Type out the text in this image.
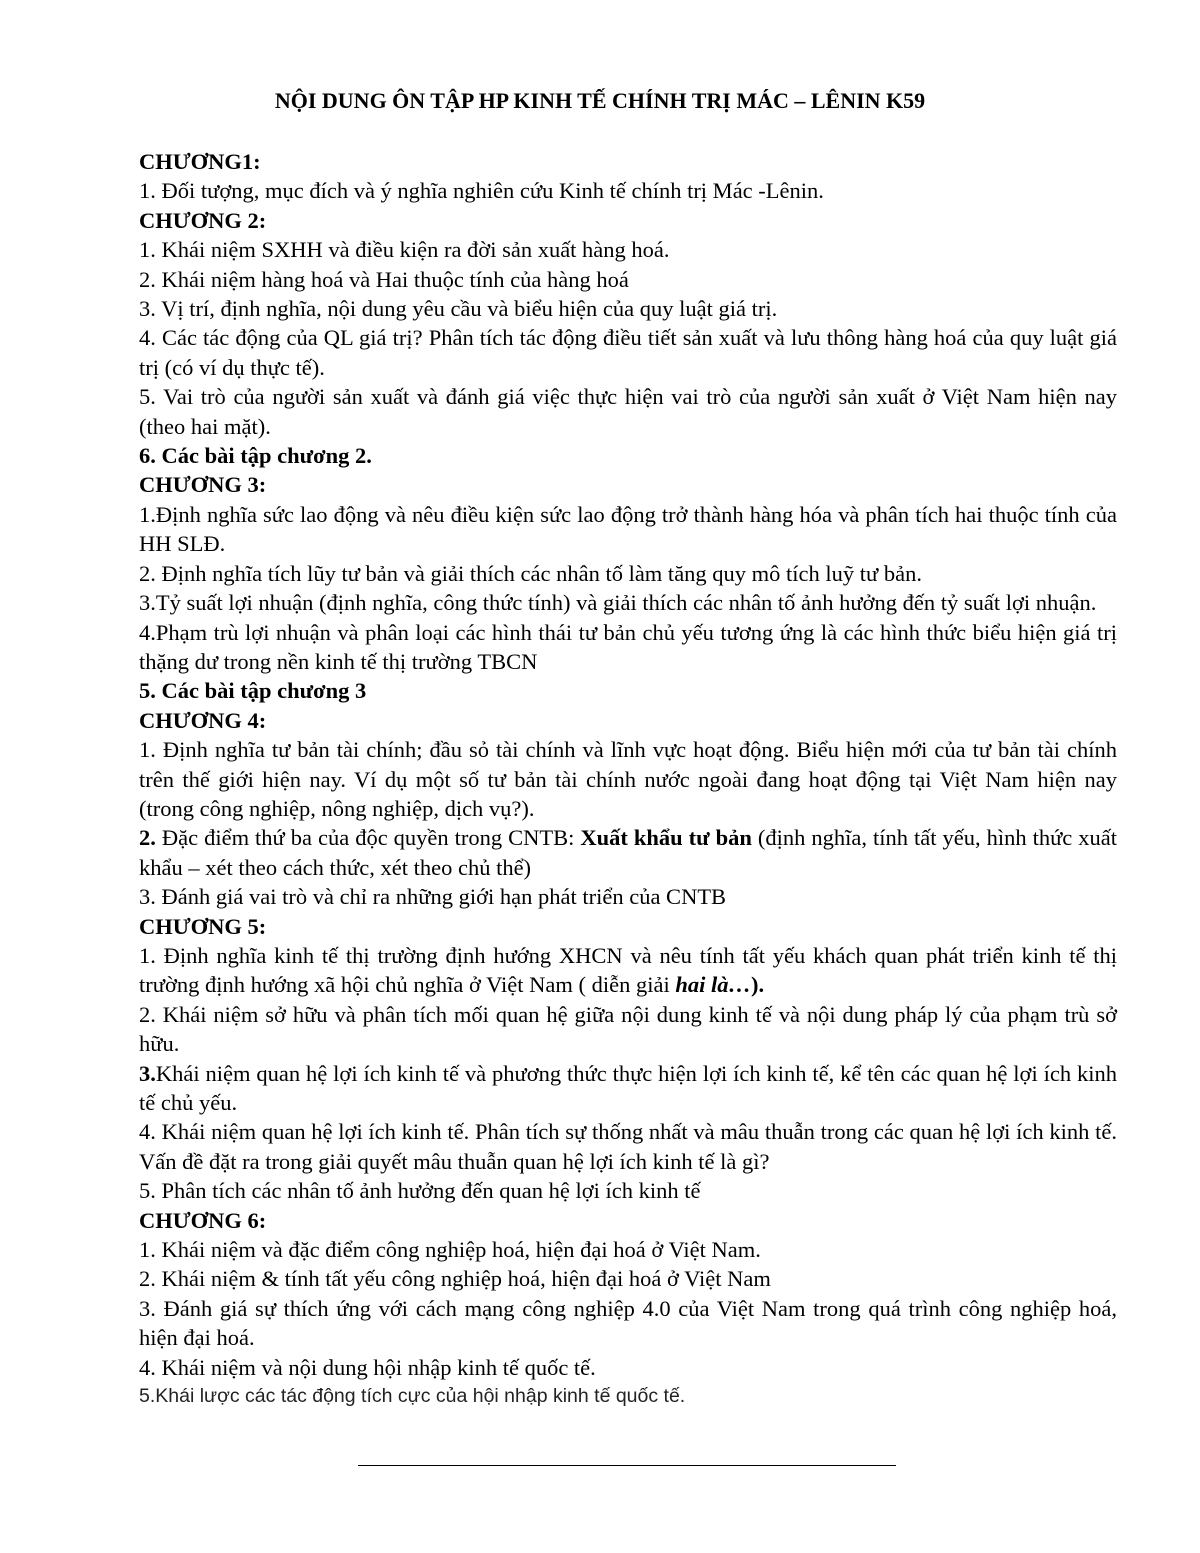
NỘI DUNG ÔN TẬP HP KINH TẾ CHÍNH TRỊ MÁC – LÊNIN K59

CHƯƠNG1:

1. Đối tượng, mục đích và ý nghĩa nghiên cứu Kinh tế chính trị Mác -Lênin.

CHƯƠNG 2:

1. Khái niệm SXHH và điều kiện ra đời sản xuất hàng hoá.

2. Khái niệm hàng hoá và Hai thuộc tính của hàng hoá

3. Vị trí, định nghĩa, nội dung yêu cầu và biểu hiện của quy luật giá trị.

4. Các tác động của QL giá trị? Phân tích tác động điều tiết sản xuất và lưu thông hàng hoá của quy luật giá trị (có ví dụ thực tế).

5. Vai trò của người sản xuất và đánh giá việc thực hiện vai trò của người sản xuất ở Việt Nam hiện nay (theo hai mặt).

6. Các bài tập chương 2.

CHƯƠNG 3:

1.Định nghĩa sức lao động và nêu điều kiện sức lao động trở thành hàng hóa và phân tích hai thuộc tính của HH SLĐ.

2. Định nghĩa tích lũy tư bản và giải thích các nhân tố làm tăng quy mô tích luỹ tư bản.

3.Tỷ suất lợi nhuận (định nghĩa, công thức tính) và giải thích các nhân tố ảnh hưởng đến tỷ suất lợi nhuận.

4.Phạm trù lợi nhuận và phân loại các hình thái tư bản chủ yếu tương ứng là các hình thức biểu hiện giá trị thặng dư trong nền kinh tế thị trường TBCN

5. Các bài tập chương 3

CHƯƠNG 4:

1. Định nghĩa tư bản tài chính; đầu sỏ tài chính và lĩnh vực hoạt động. Biểu hiện mới của tư bản tài chính trên thế giới hiện nay. Ví dụ một số tư bản tài chính nước ngoài đang hoạt động tại Việt Nam hiện nay (trong công nghiệp, nông nghiệp, dịch vụ?).

2. Đặc điểm thứ ba của độc quyền trong CNTB: Xuất khẩu tư bản (định nghĩa, tính tất yếu, hình thức xuất khẩu – xét theo cách thức, xét theo chủ thể)

3. Đánh giá vai trò và chỉ ra những giới hạn phát triển của CNTB

CHƯƠNG 5:

1. Định nghĩa kinh tế thị trường định hướng XHCN và nêu tính tất yếu khách quan phát triển kinh tế thị trường định hướng xã hội chủ nghĩa ở Việt Nam ( diễn giải hai là…).

2. Khái niệm sở hữu và phân tích mối quan hệ giữa nội dung kinh tế và nội dung pháp lý của phạm trù sở hữu.

3.Khái niệm quan hệ lợi ích kinh tế và phương thức thực hiện lợi ích kinh tế, kể tên các quan hệ lợi ích kinh tế chủ yếu.

4. Khái niệm quan hệ lợi ích kinh tế. Phân tích sự thống nhất và mâu thuẫn trong các quan hệ lợi ích kinh tế. Vấn đề đặt ra trong giải quyết mâu thuẫn quan hệ lợi ích kinh tế là gì?

5. Phân tích các nhân tố ảnh hưởng đến quan hệ lợi ích kinh tế

CHƯƠNG 6:

1. Khái niệm và đặc điểm công nghiệp hoá, hiện đại hoá ở Việt Nam.

2. Khái niệm & tính tất yếu công nghiệp hoá, hiện đại hoá ở Việt Nam

3. Đánh giá sự thích ứng với cách mạng công nghiệp 4.0 của Việt Nam trong quá trình công nghiệp hoá, hiện đại hoá.

4. Khái niệm và nội dung hội nhập kinh tế quốc tế.

5.Khái lược các tác động tích cực của hội nhập kinh tế quốc tế.
